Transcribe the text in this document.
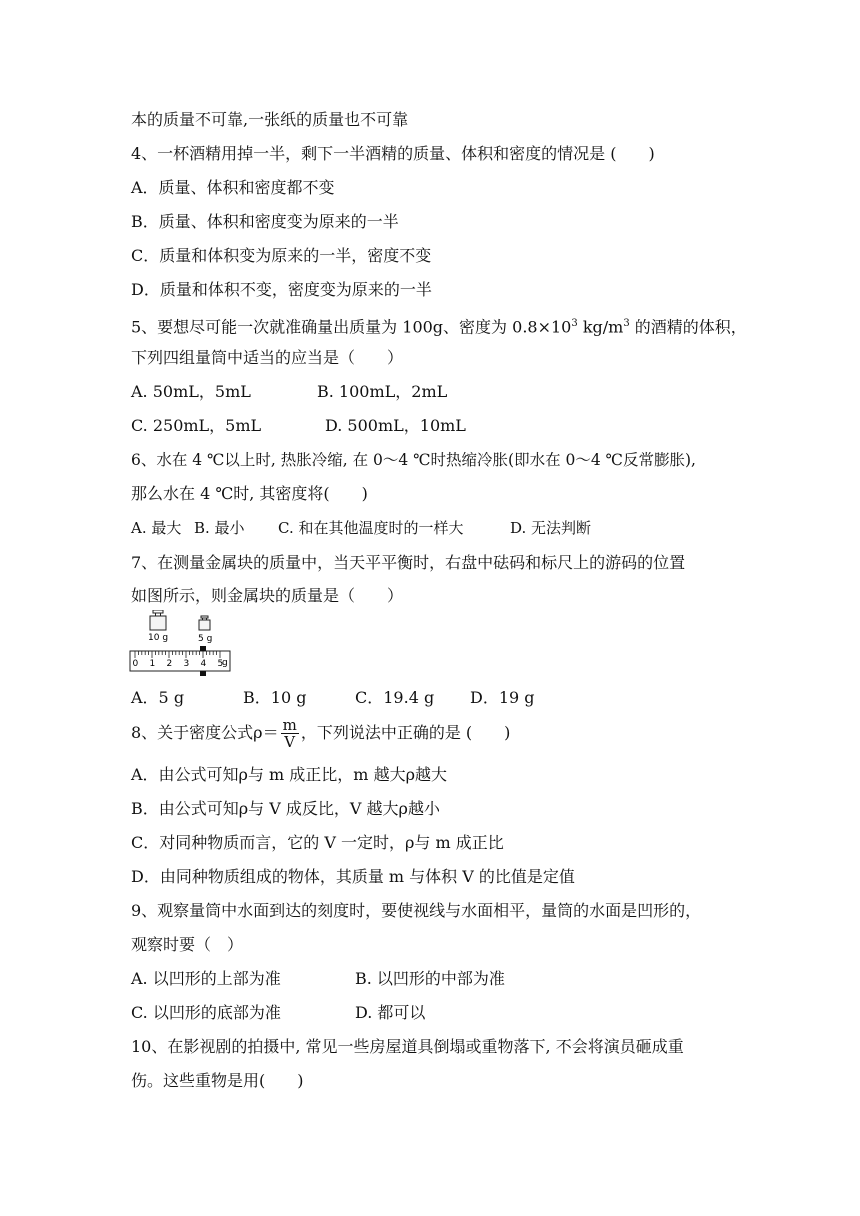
本的质量不可靠,一张纸的质量也不可靠
4、一杯酒精用掉一半，剩下一半酒精的质量、体积和密度的情况是 (　　)
A．质量、体积和密度都不变
B．质量、体积和密度变为原来的一半
C．质量和体积变为原来的一半，密度不变
D．质量和体积不变，密度变为原来的一半
5、要想尽可能一次就准确量出质量为 100g、密度为 $0.8\times 10^3$ $kg/m^3$ 的酒精的体积，
下列四组量筒中适当的应当是（　　）
A. 50mL，5mL	B. 100mL，2mL
C. 250mL，5mL	D. 500mL，10mL
6、水在 4 ℃以上时, 热胀冷缩, 在 0～4 ℃时热缩冷胀(即水在 0～4 ℃反常膨胀),
那么水在 4 ℃时, 其密度将(　　)
A. 最大 B. 最小 C. 和在其他温度时的一样大	D. 无法判断
7、在测量金属块的质量中，当天平平衡时，右盘中砝码和标尺上的游码的位置
如图所示，则金属块的质量是（　　）
10 g	5 g
0 1 2 3 4 5
g
A．5 g	B．10 g	C．19.4 g D．19 g
8、关于密度公式$\rho= \frac{m}{V}$ ，下列说法中正确的是 (　　)
A．由公式可知ρ与 m 成正比，m 越大ρ越大
B．由公式可知ρ与 V 成反比，V 越大ρ越小
C．对同种物质而言，它的 V 一定时，ρ与 m 成正比
D．由同种物质组成的物体，其质量 m 与体积 V 的比值是定值
9、观察量筒中水面到达的刻度时，要使视线与水面相平，量筒的水面是凹形的，
观察时要（　）
A. 以凹形的上部为准	B. 以凹形的中部为准
C. 以凹形的底部为准	D. 都可以
10、在影视剧的拍摄中, 常见一些房屋道具倒塌或重物落下, 不会将演员砸成重
伤。这些重物是用(　　)
